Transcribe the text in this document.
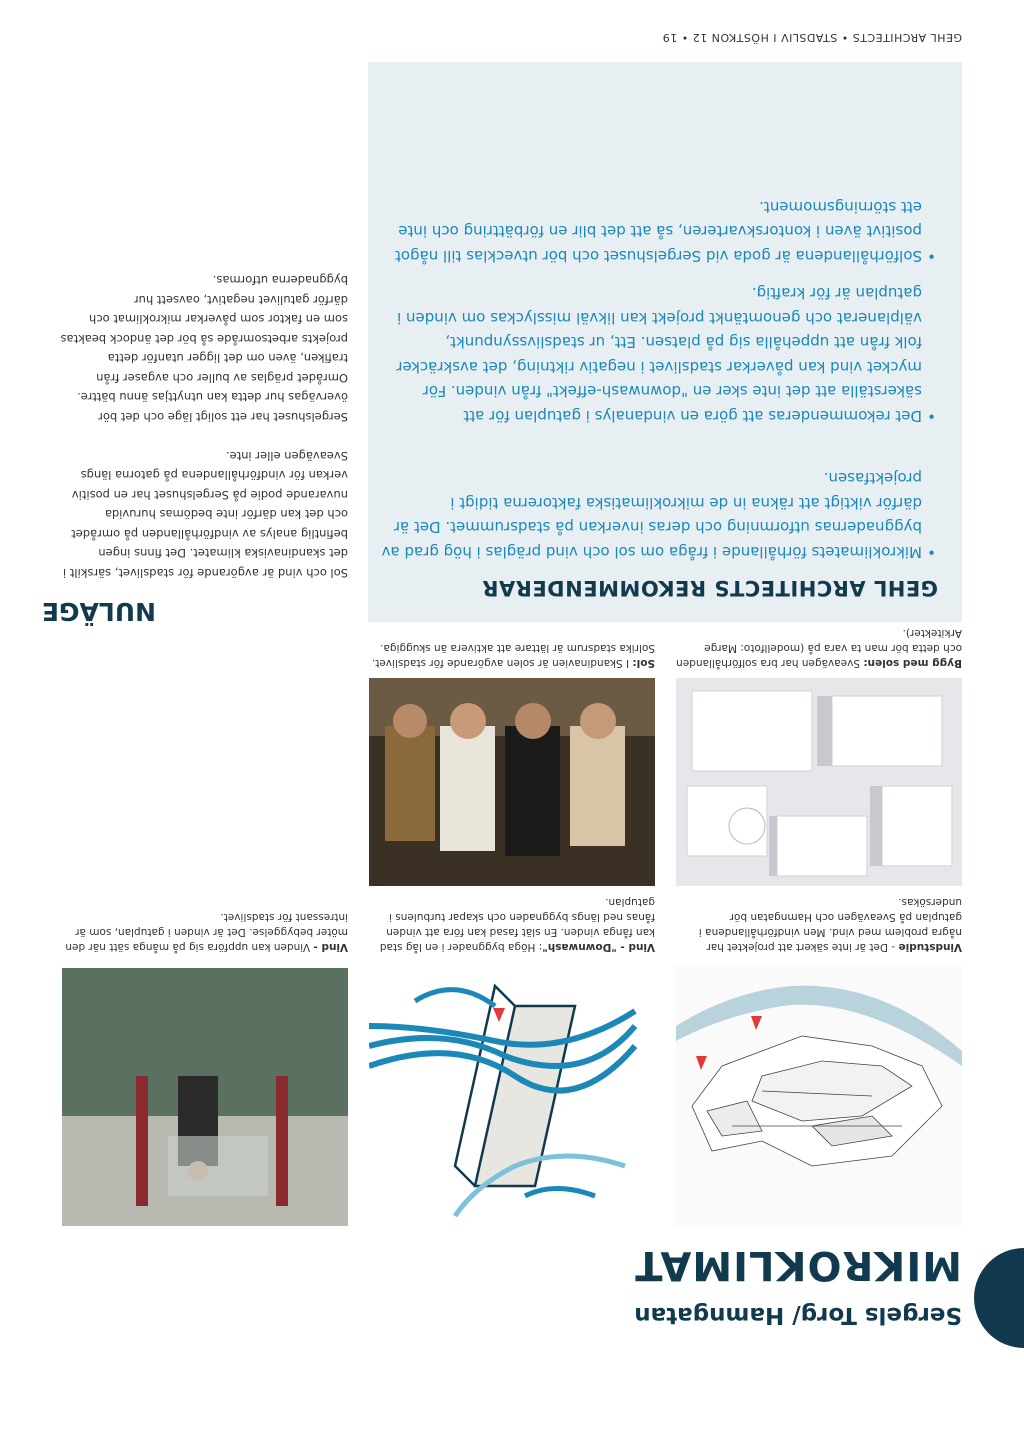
Sergels Torg/ Hamngatan
MIKROKLIMAT
Vindstudie - Det är inte säkert att projektet har några problem med vind. Men vindförhållandena i gatuplan på Sveavägen och Hamngatan bör undersökas.
Vind - "Downwash": Höga byggnader i en låg stad kan fånga vinden. En slät fasad kan föra att vinden fånas ned längs byggnaden och skapar turbulens i gatuplan.
Vind - Vinden kan uppföra sig på många sätt när den möter bebyggelse. Det är vinden i gatuplan, som är intressant för stadslivet.
Bygg med solen: Sveavägen har bra solförhållanden och detta bör man ta vara på (modellfoto: Marge Arkitekter).
Sol: I Skandinavien är solen avgörande för stadslivet. Solrika stadsrum är lättare att aktivera än skuggiga.
GEHL ARCHITECTS REKOMMENDERAR
•
Mikroklimatets förhållande i fråga om sol och vind präglas i hög grad av byggnadernas utformning och deras inverkan på stadsrummet. Det är därför viktigt att räkna in de mikroklimatiska faktorerna tidigt i projektfasen.
•
Det rekommenderas att göra en vindanalys i gatuplan för att säkerställa att det inte sker en "downwash-effekt" från vinden. För mycket vind kan påverkar stadslivet i negativ riktning, det avskräcker folk från att uppehålla sig på platsen. Ett, ur stadslivssynpunkt, välplanerat och genomtänkt projekt kan likväl misslyckas om vinden i gatuplan är för kraftig.
•
Solförhållandena är goda vid Sergelshuset och bör utvecklas till något positivt även i kontorskvarteren, så att det blir en förbättring och inte ett störningsmoment.
NULÄGE
Sol och vind är avgörande för stadslivet, särskilt i det skandinaviska klimatet. Det finns ingen befintlig analys av vindförhållanden på området och det kan därför inte bedömas huruvida nuvarande podie på Sergelshuset har en positiv verkan för vindförhållandena på gatorna längs Sveavägen eller inte.
Sergelshuset har ett soligt läge och det bör övervägas hur detta kan utnyttjas ännu bättre. Området präglas av buller och avgaser från trafiken, även om det ligger utanför detta projekts arbetsområde så bör det ändock beaktas som en faktor som påverkar mikroklimat och därför gatulivet negativt, oavsett hur byggnaderna utformas.
GEHL ARCHITECTS • STADSLIV I HÖSTKON 12 • 19
